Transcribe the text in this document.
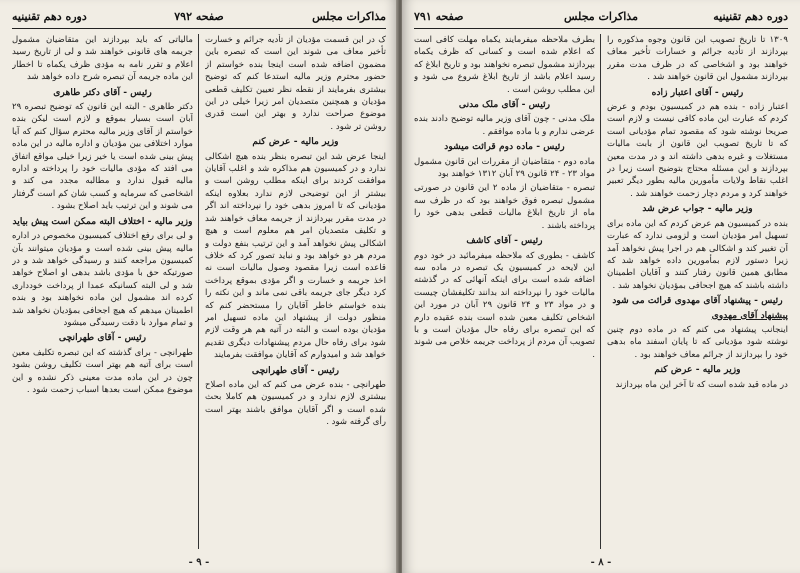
مذاکرات مجلس
صفحه ۷۹۲
دوره دهم تقنینیه

ک در این قسمت مؤدیان از تأدیه جرائم و خسارت تأخیر معاف می شوند این است که تبصره باین مضمون اضافه شده است اینجا بنده خواستم از حضور محترم وزیر مالیه استدعا کنم که توضیح بیشتری بفرمایند از نقطه نظر تعیین تکلیف قطعی مؤدیان و همچنین متصدیان امر زیرا خیلی در این موضوع صراحت ندارد و بهتر این است قدری روشن تر شود .

وزیر مالیه - عرض کنم

اینجا عرض شد این تبصره بنظر بنده هیچ اشکالی ندارد و در کمیسیون هم مذاکره شد و اغلب آقایان موافقت کردند برای اینکه مطلب روشن است و بیشتر از این توضیحی لازم ندارد بعلاوه اینکه مؤدیانی که تا امروز بدهی خود را نپرداخته اند اگر در مدت مقرر بپردازند از جریمه معاف خواهند شد و تکلیف متصدیان امر هم معلوم است و هیچ اشکالی پیش نخواهد آمد و این ترتیب بنفع دولت و مردم هر دو خواهد بود و نباید تصور کرد که خلاف قاعده است زیرا مقصود وصول مالیات است نه اخذ جریمه و خسارت و اگر مؤدی بموقع پرداخت کرد ديگر جای جریمه باقی نمی ماند و این نکته را بنده خواستم خاطر آقایان را مستحضر کنم که منظور دولت از پیشنهاد این ماده تسهیل امر مؤدیان بوده است و البته در آتیه هم هر وقت لازم شود برای رفاه حال مردم پیشنهادات دیگری تقدیم خواهد شد و امیدوارم که آقایان موافقت بفرمایند

رئیس - آقای طهرانچی

طهرانچی - بنده عرض می کنم که این ماده اصلاح بیشتری لازم ندارد و در کمیسیون هم کاملا بحث شده است و اگر آقایان موافق باشند بهتر است رأی گرفته شود .

مالیاتی که باید بپردازند این متقاضیان مشمول جریمه های قانونی خواهند شد و لی از تاریخ رسید اعلام و تقرر نامه به مؤدی ظرف یکماه تا اخطار این ماده جریمه آن تبصره شرح داده خواهد شد

رئیس - آقای دکتر طاهری

دکتر طاهری - البته این قانون که توضیح تبصره ۲۹ آبان است بسیار بموقع و لازم است لیکن بنده خواستم از آقای وزیر مالیه محترم سؤال کنم که آیا موارد اختلافی بین مؤدیان و اداره مالیه در این ماده پیش بینی شده است یا خیر زیرا خیلی مواقع اتفاق می افتد که مؤدی مالیات خود را پرداخته و اداره مالیه قبول ندارد و مطالبه مجدد می کند و اشخاصی که سرمایه و کسب شان کم است گرفتار می شوند و این ترتیب باید اصلاح بشود .

وزیر مالیه - اختلاف البته ممکن است پیش بیاید

و لی برای رفع اختلاف کمیسیون مخصوص در اداره مالیه پیش بینی شده است و مؤدیان میتوانند بآن کمیسیون مراجعه کنند و رسیدگی خواهد شد و در صورتیکه حق با مؤدی باشد بدهی او اصلاح خواهد شد و لی البته کسانیکه عمدا از پرداخت خودداری کرده اند مشمول این ماده نخواهند بود و بنده اطمینان میدهم که هیچ اجحافی بمؤدیان نخواهد شد و تمام موارد با دقت رسیدگی میشود

رئیس - آقای طهرانچی

طهرانچی - برای گذشته که این تبصره تکلیف معین است برای آتیه هم بهتر است تکلیف روشن بشود چون در این ماده مدت معینی ذکر نشده و این موضوع ممکن است بعدها اسباب زحمت شود .

- ۹ -
دوره دهم تقنینیه
مذاکرات مجلس
صفحه ۷۹۱

۱۳۰۹ تا تاریخ تصویب این قانون وجوه مذکوره را بپردازند از تأدیه جرائم و خسارات تأخیر معاف خواهند بود و اشخاصی که در ظرف مدت مقرر بپردازند مشمول این قانون خواهند شد .

رئیس - آقای اعتبار زاده

اعتبار زاده - بنده هم در کمیسیون بودم و عرض کردم که عبارت این ماده کافی نیست و لازم است صریحا نوشته شود که مقصود تمام مؤدیانی است که تا تاریخ تصویب این قانون از بابت مالیات مستغلات و غیره بدهی داشته اند و در مدت معین بپردازند و این مسئله محتاج بتوضیح است زیرا در اغلب نقاط ولایات مأمورین مالیه بطور دیگر تعبیر خواهند کرد و مردم دچار زحمت خواهند شد .

وزیر مالیه - جواب عرض شد

بنده در کمیسیون هم عرض کردم که این ماده برای تسهیل امر مؤدیان است و لزومی ندارد که عبارت آن تغییر کند و اشکالی هم در اجرا پیش نخواهد آمد زیرا دستور لازم بمأمورین داده خواهد شد که مطابق همین قانون رفتار کنند و آقایان اطمینان داشته باشند که هیچ اجحافی بمؤدیان نخواهد شد .

رئیس - پیشنهاد آقای مهدوی قرائت می شود

پیشنهاد آقای مهدوی

اینجانب پیشنهاد می کنم که در ماده دوم چنین نوشته شود مؤدیانی که تا پایان اسفند ماه بدهی خود را بپردازند از جرائم معاف خواهند بود .

وزیر مالیه - عرض کنم

در ماده قید شده است که تا آخر این ماه بپردازند

بطرف ملاحظه میفرمایند یکماه مهلت کافی است که اعلام شده است و کسانی که ظرف یکماه بپردازند مشمول تبصره نخواهند بود و تاریخ ابلاغ که رسید اعلام باشد از تاریخ ابلاغ شروع می شود و این مطلب روشن است .

رئیس - آقای ملک مدنی

ملک مدنی - چون آقای وزیر مالیه توضیح دادند بنده عرضی ندارم و با ماده موافقم .

رئیس - ماده دوم قرائت میشود

ماده دوم - متقاضیان از مقررات این قانون مشمول مواد ۲۳ - ۲۴ قانون ۲۹ آبان ۱۳۱۲ خواهند بود

تبصره - متقاضیان از ماده ۲ این قانون در صورتی مشمول تبصره فوق خواهند بود که در ظرف سه ماه از تاریخ ابلاغ مالیات قطعی بدهی خود را پرداخته باشند .

رئیس - آقای کاشف

کاشف - بطوری که ملاحظه میفرمائید در خود دوم این لایحه در کمیسیون یک تبصره در ماده سه اضافه شده است برای اینکه آنهائی که در گذشته مالیات خود را نپرداخته اند بدانند تکلیفشان چیست و در مواد ۲۳ و ۲۴ قانون ۲۹ آبان در مورد این اشخاص تکلیف معین شده است بنده عقیده دارم که این تبصره برای رفاه حال مؤدیان است و با تصویب آن مردم از پرداخت جریمه خلاص می شوند .

- ۸ -
